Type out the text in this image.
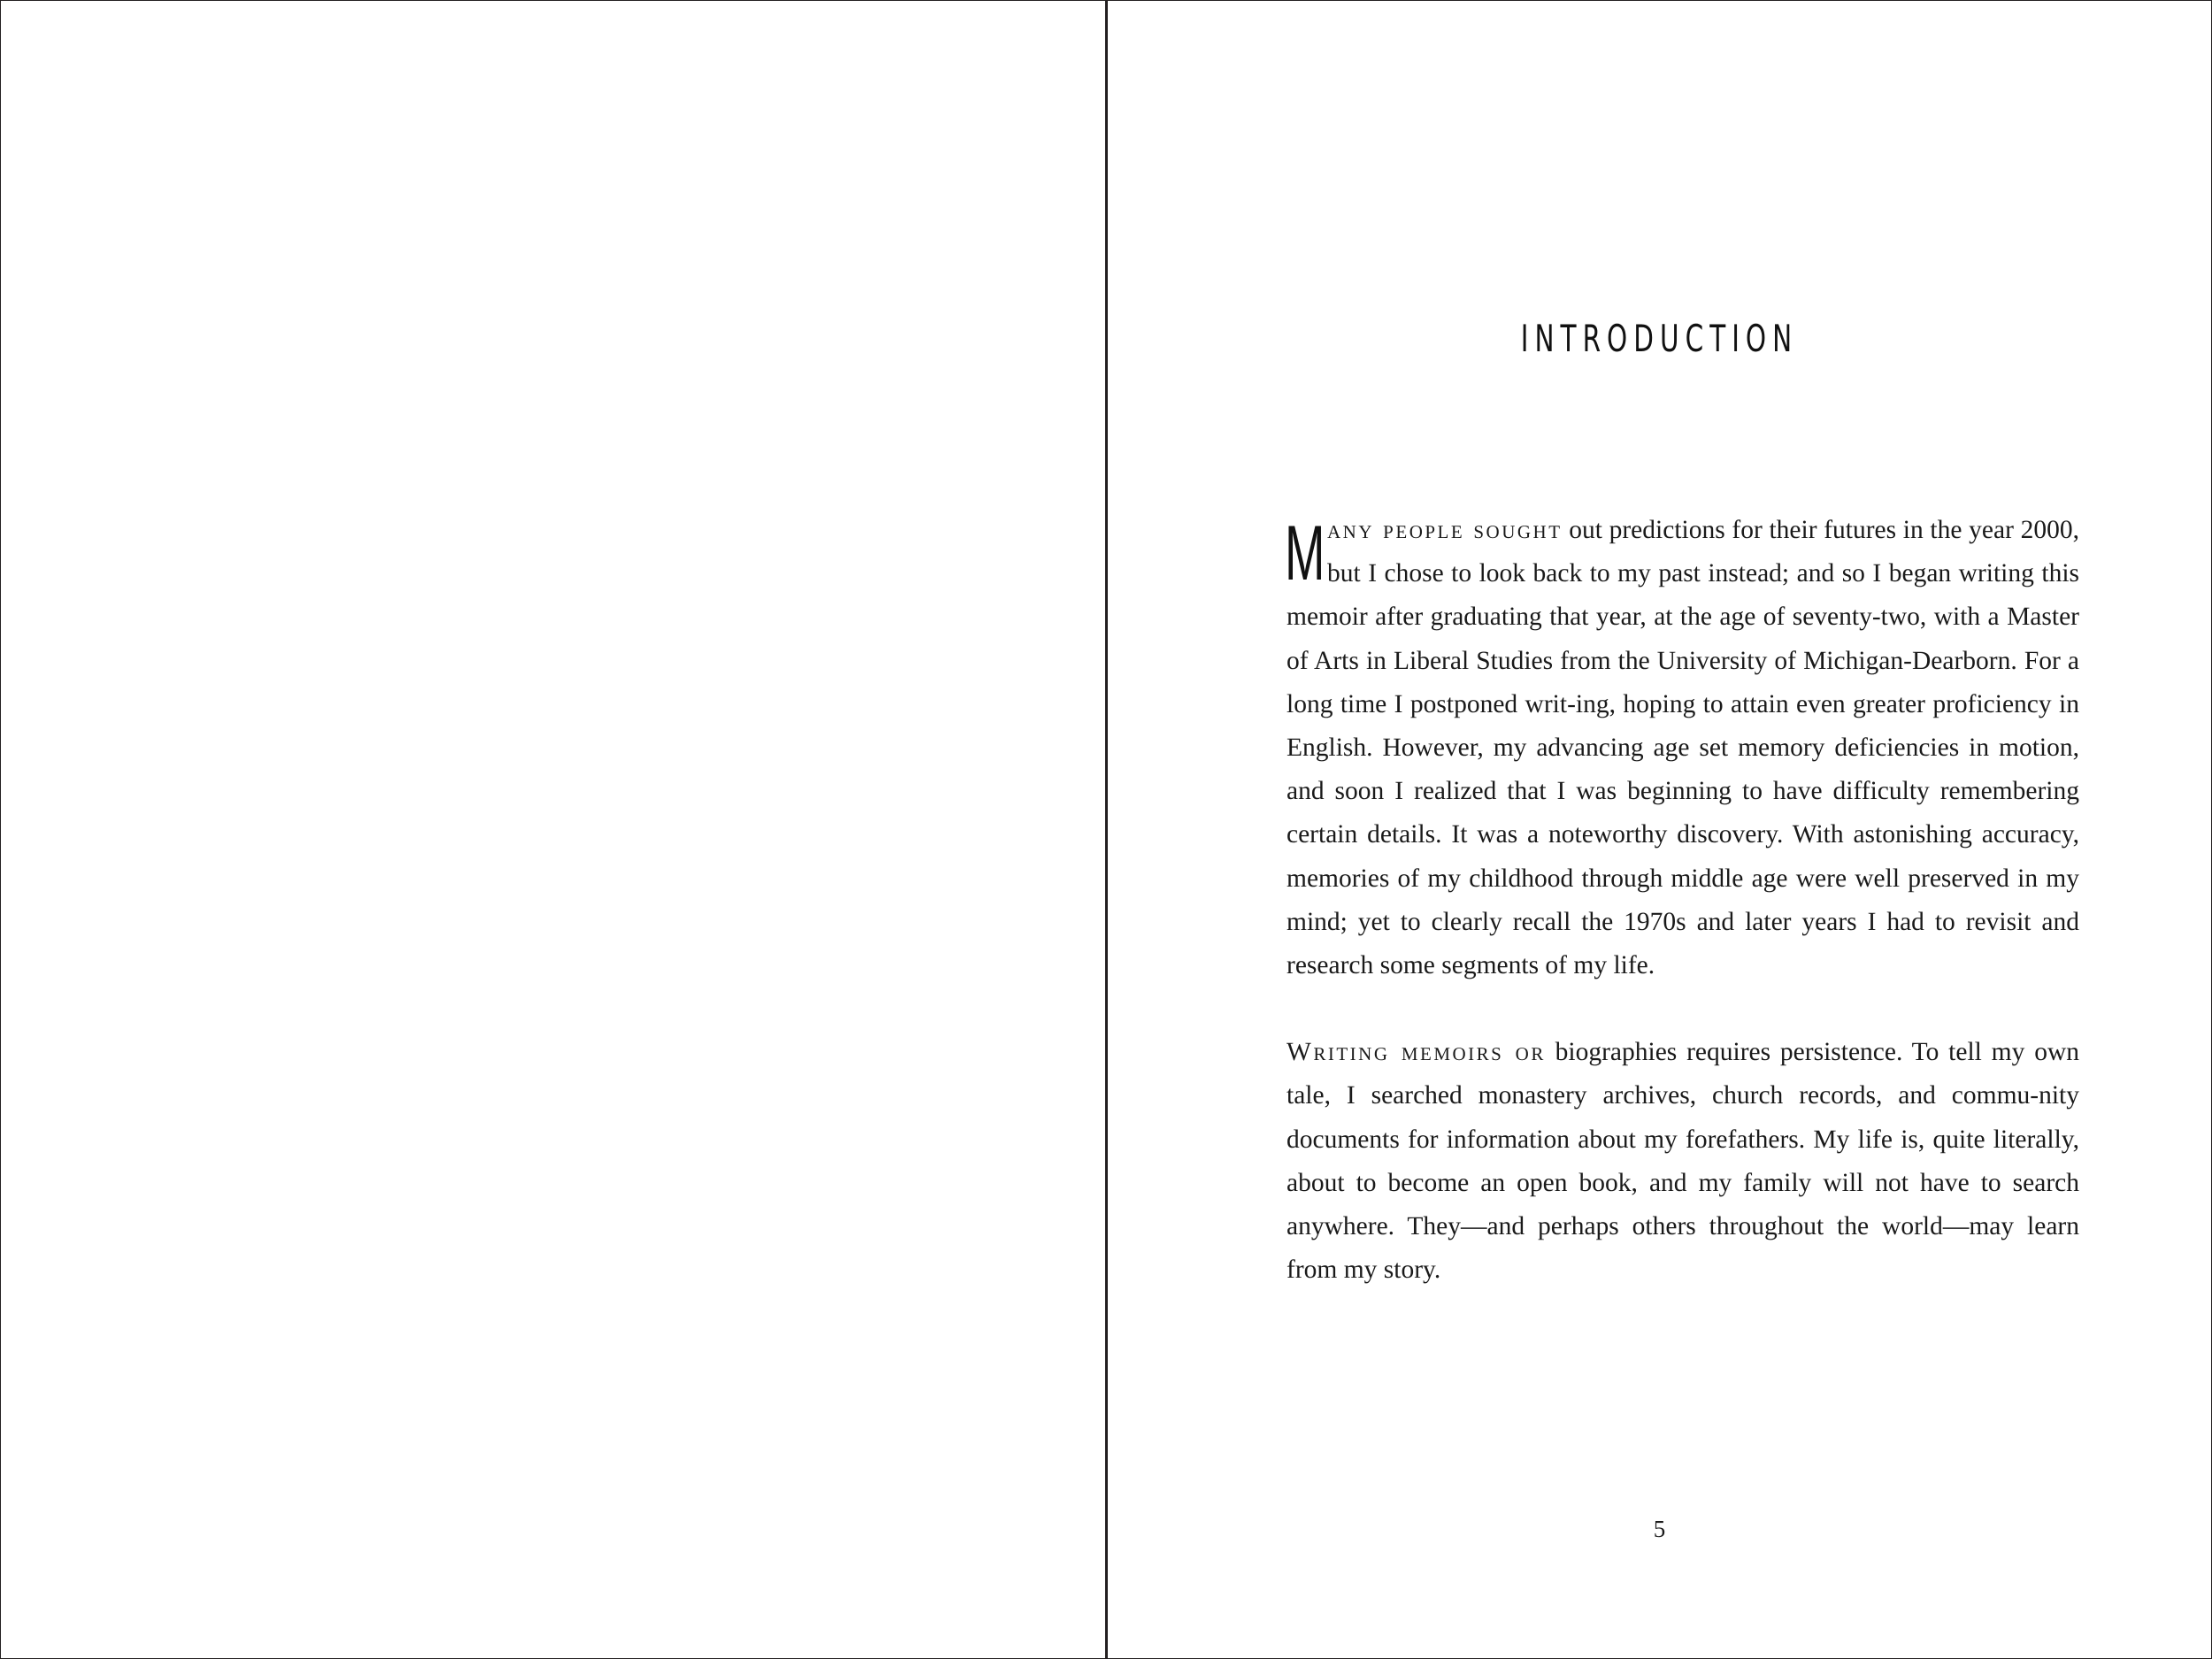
INTRODUCTION

Many people sought out predictions for their futures in the year 2000, but I chose to look back to my past instead; and so I began writing this memoir after graduating that year, at the age of seventy-two, with a Master of Arts in Liberal Studies from the University of Michigan-Dearborn. For a long time I postponed writ-ing, hoping to attain even greater proficiency in English. However, my advancing age set memory deficiencies in motion, and soon I realized that I was beginning to have difficulty remembering certain details. It was a noteworthy discovery. With astonishing accuracy, memories of my childhood through middle age were well preserved in my mind; yet to clearly recall the 1970s and later years I had to revisit and research some segments of my life.

Writing memoirs or biographies requires persistence. To tell my own tale, I searched monastery archives, church records, and commu-nity documents for information about my forefathers. My life is, quite literally, about to become an open book, and my family will not have to search anywhere. They—and perhaps others throughout the world—may learn from my story.

5
